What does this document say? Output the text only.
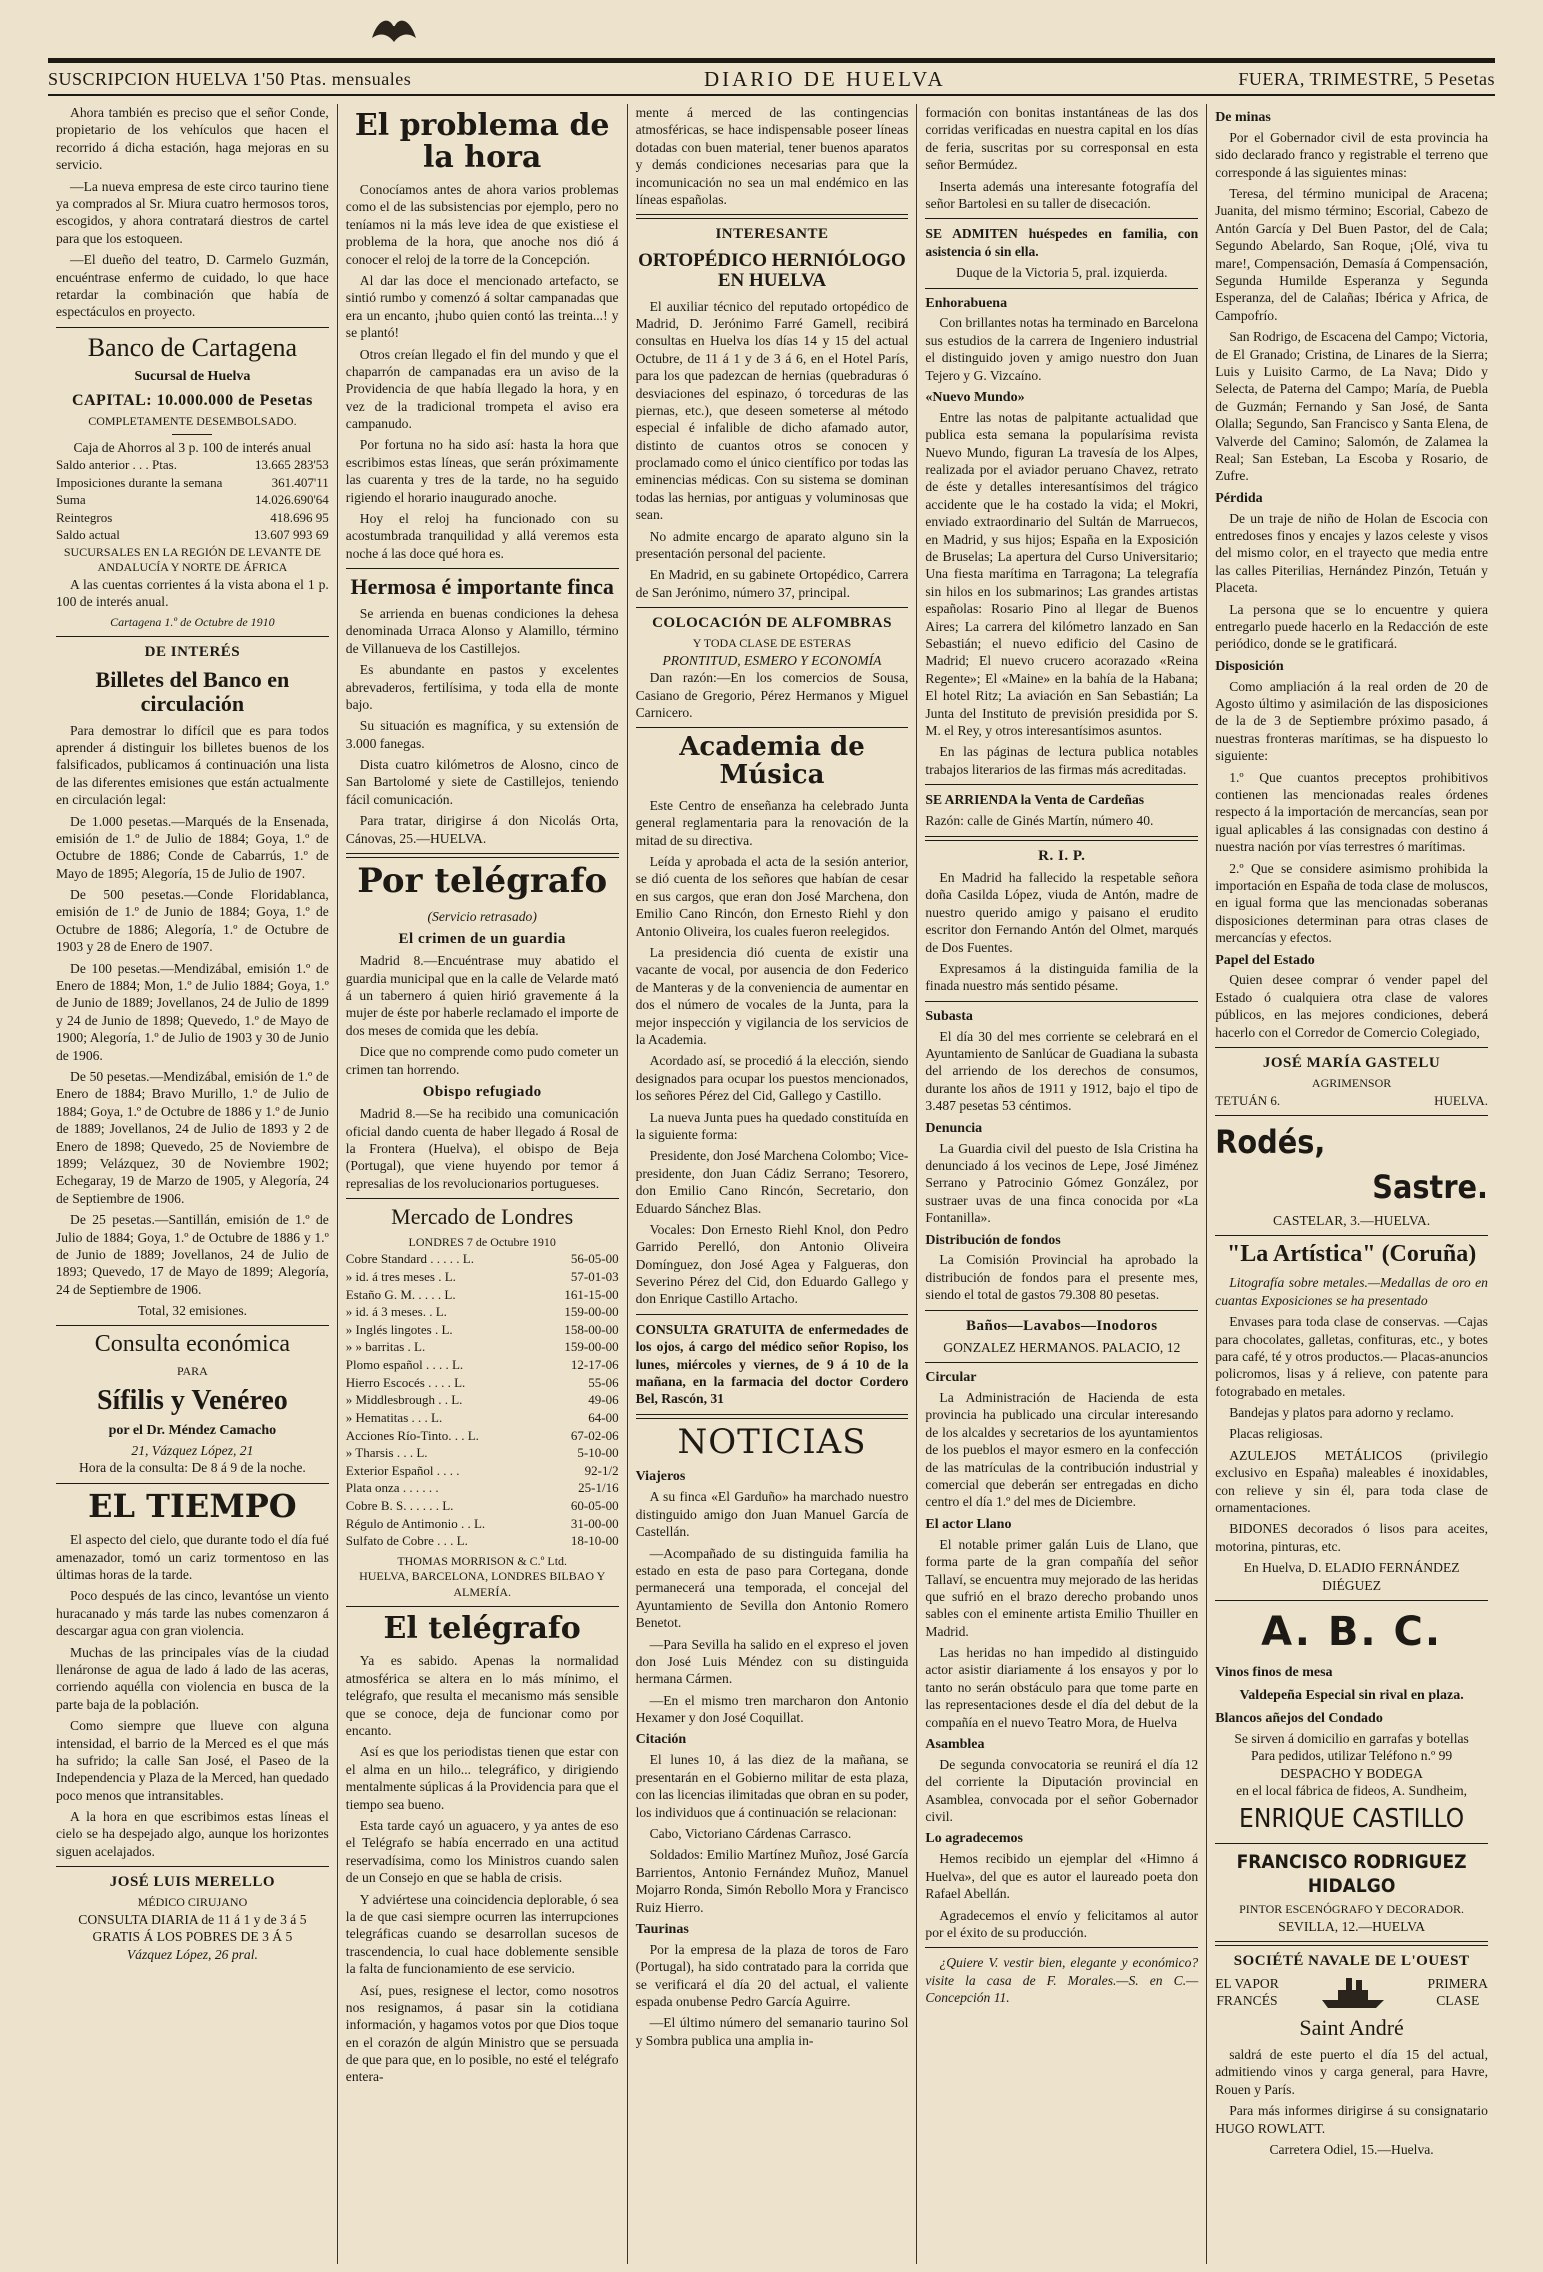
SUSCRIPCION HUELVA 1'50 Ptas. mensuales	DIARIO DE HUELVA	FUERA, TRIMESTRE, 5 Pesetas

Ahora también es preciso que el señor Conde, propietario de los vehículos que hacen el recorrido á dicha estación, haga mejoras en su servicio.

—La nueva empresa de este circo taurino tiene ya comprados al Sr. Miura cuatro hermosos toros, escogidos, y ahora contratará diestros de cartel para que los estoqueen.

—El dueño del teatro, D. Carmelo Guzmán, encuéntrase enfermo de cuidado, lo que hace retardar la combinación que había de espectáculos en proyecto.

Banco de Cartagena
Sucursal de Huelva
CAPITAL: 10.000.000 de Pesetas
COMPLETAMENTE DESEMBOLSADO.
Caja de Ahorros al 3 p. 100 de interés anual
Saldo anterior . . . Ptas.	13.665 283'53
Imposiciones durante la semana	361.407'11
Suma	14.026.690'64
Reintegros	418.696 95
Saldo actual	13.607 993 69
SUCURSALES EN LA REGIÓN DE LEVANTE DE ANDALUCÍA Y NORTE DE ÁFRICA

A las cuentas corrientes á la vista abona el 1 p. 100 de interés anual.

Cartagena 1.º de Octubre de 1910
DE INTERÉS
Billetes del Banco en circulación

Para demostrar lo difícil que es para todos aprender á distinguir los billetes buenos de los falsificados, publicamos á continuación una lista de las diferentes emisiones que están actualmente en circulación legal:

De 1.000 pesetas.—Marqués de la Ensenada, emisión de 1.º de Julio de 1884; Goya, 1.º de Octubre de 1886; Conde de Cabarrús, 1.º de Mayo de 1895; Alegoría, 15 de Julio de 1907.

De 500 pesetas.—Conde Floridablanca, emisión de 1.º de Junio de 1884; Goya, 1.º de Octubre de 1886; Alegoría, 1.º de Octubre de 1903 y 28 de Enero de 1907.

De 100 pesetas.—Mendizábal, emisión 1.º de Enero de 1884; Mon, 1.º de Julio 1884; Goya, 1.º de Junio de 1889; Jovellanos, 24 de Julio de 1899 y 24 de Junio de 1898; Quevedo, 1.º de Mayo de 1900; Alegoría, 1.º de Julio de 1903 y 30 de Junio de 1906.

De 50 pesetas.—Mendizábal, emisión de 1.º de Enero de 1884; Bravo Murillo, 1.º de Julio de 1884; Goya, 1.º de Octubre de 1886 y 1.º de Junio de 1889; Jovellanos, 24 de Julio de 1893 y 2 de Enero de 1898; Quevedo, 25 de Noviembre de 1899; Velázquez, 30 de Noviembre 1902; Echegaray, 19 de Marzo de 1905, y Alegoría, 24 de Septiembre de 1906.

De 25 pesetas.—Santillán, emisión de 1.º de Julio de 1884; Goya, 1.º de Octubre de 1886 y 1.º de Junio de 1889; Jovellanos, 24 de Julio de 1893; Quevedo, 17 de Mayo de 1899; Alegoría, 24 de Septiembre de 1906.

Total, 32 emisiones.
Consulta económica
PARA
Sífilis y Venéreo
por el Dr. Méndez Camacho
21, Vázquez López, 21
Hora de la consulta: De 8 á 9 de la noche.
EL TIEMPO

El aspecto del cielo, que durante todo el día fué amenazador, tomó un cariz tormentoso en las últimas horas de la tarde.

Poco después de las cinco, levantóse un viento huracanado y más tarde las nubes comenzaron á descargar agua con gran violencia.

Muchas de las principales vías de la ciudad llenáronse de agua de lado á lado de las aceras, corriendo aquélla con violencia en busca de la parte baja de la población.

Como siempre que llueve con alguna intensidad, el barrio de la Merced es el que más ha sufrido; la calle San José, el Paseo de la Independencia y Plaza de la Merced, han quedado poco menos que intransitables.

A la hora en que escribimos estas líneas el cielo se ha despejado algo, aunque los horizontes siguen acelajados.

JOSÉ LUIS MERELLO
MÉDICO CIRUJANO
CONSULTA DIARIA de 11 á 1 y de 3 á 5
GRATIS Á LOS POBRES DE 3 Á 5
Vázquez López, 26 pral.
El problema de la hora

Conocíamos antes de ahora varios problemas como el de las subsistencias por ejemplo, pero no teníamos ni la más leve idea de que existiese el problema de la hora, que anoche nos dió á conocer el reloj de la torre de la Concepción.

Al dar las doce el mencionado artefacto, se sintió rumbo y comenzó á soltar campanadas que era un encanto, ¡hubo quien contó las treinta...! y se plantó!

Otros creían llegado el fin del mundo y que el chaparrón de campanadas era un aviso de la Providencia de que había llegado la hora, y en vez de la tradicional trompeta el aviso era campanudo.

Por fortuna no ha sido así: hasta la hora que escribimos estas líneas, que serán próximamente las cuarenta y tres de la tarde, no ha seguido rigiendo el horario inaugurado anoche.

Hoy el reloj ha funcionado con su acostumbrada tranquilidad y allá veremos esta noche á las doce qué hora es.

Hermosa é importante finca

Se arrienda en buenas condiciones la dehesa denominada Urraca Alonso y Alamillo, término de Villanueva de los Castillejos.

Es abundante en pastos y excelentes abrevaderos, fertilísima, y toda ella de monte bajo.

Su situación es magnífica, y su extensión de 3.000 fanegas.

Dista cuatro kilómetros de Alosno, cinco de San Bartolomé y siete de Castillejos, teniendo fácil comunicación.

Para tratar, dirigirse á don Nicolás Orta, Cánovas, 25.—HUELVA.

Por telégrafo
(Servicio retrasado)
El crimen de un guardia

Madrid 8.—Encuéntrase muy abatido el guardia municipal que en la calle de Velarde mató á un tabernero á quien hirió gravemente á la mujer de éste por haberle reclamado el importe de dos meses de comida que les debía.

Dice que no comprende como pudo cometer un crimen tan horrendo.

Obispo refugiado

Madrid 8.—Se ha recibido una comunicación oficial dando cuenta de haber llegado á Rosal de la Frontera (Huelva), el obispo de Beja (Portugal), que viene huyendo por temor á represalias de los revolucionarios portugueses.

Mercado de Londres
LONDRES 7 de Octubre 1910
Cobre Standard . . . . . L.	56-05-00
» id. á tres meses . L.	57-01-03
Estaño G. M. . . . . L.	161-15-00
» id. á 3 meses. . L.	159-00-00
» Inglés lingotes . L.	158-00-00
» » barritas . L.	159-00-00
Plomo español . . . . L.	12-17-06
Hierro Escocés . . . . L.	55-06
» Middlesbrough . . L.	49-06
» Hematitas . . . L.	64-00
Acciones Río-Tinto. . . L.	67-02-06
» Tharsis . . . L.	5-10-00
Exterior Español . . . .	92-1/2
Plata onza . . . . . .	25-1/16
Cobre B. S. . . . . . L.	60-05-00
Régulo de Antimonio . . L.	31-00-00
Sulfato de Cobre . . . L.	18-10-00
THOMAS MORRISON & C.º Ltd.
HUELVA, BARCELONA, LONDRES BILBAO Y ALMERÍA.
El telégrafo

Ya es sabido. Apenas la normalidad atmosférica se altera en lo más mínimo, el telégrafo, que resulta el mecanismo más sensible que se conoce, deja de funcionar como por encanto.

Así es que los periodistas tienen que estar con el alma en un hilo... telegráfico, y dirigiendo mentalmente súplicas á la Providencia para que el tiempo sea bueno.

Esta tarde cayó un aguacero, y ya antes de eso el Telégrafo se había encerrado en una actitud reservadísima, como los Ministros cuando salen de un Consejo en que se habla de crisis.

Y adviértese una coincidencia deplorable, ó sea la de que casi siempre ocurren las interrupciones telegráficas cuando se desarrollan sucesos de trascendencia, lo cual hace doblemente sensible la falta de funcionamiento de ese servicio.

Así, pues, resignese el lector, como nosotros nos resignamos, á pasar sin la cotidiana información, y hagamos votos por que Dios toque en el corazón de algún Ministro que se persuada de que para que, en lo posible, no esté el telégrafo entera-

mente á merced de las contingencias atmosféricas, se hace indispensable poseer líneas dotadas con buen material, tener buenos aparatos y demás condiciones necesarias para que la incomunicación no sea un mal endémico en las líneas españolas.

INTERESANTE
ORTOPÉDICO HERNIÓLOGO EN HUELVA

El auxiliar técnico del reputado ortopédico de Madrid, D. Jerónimo Farré Gamell, recibirá consultas en Huelva los días 14 y 15 del actual Octubre, de 11 á 1 y de 3 á 6, en el Hotel París, para los que padezcan de hernias (quebraduras ó desviaciones del espinazo, ó torceduras de las piernas, etc.), que deseen someterse al método especial é infalible de dicho afamado autor, distinto de cuantos otros se conocen y proclamado como el único científico por todas las eminencias médicas. Con su sistema se dominan todas las hernias, por antiguas y voluminosas que sean.

No admite encargo de aparato alguno sin la presentación personal del paciente.

En Madrid, en su gabinete Ortopédico, Carrera de San Jerónimo, número 37, principal.

COLOCACIÓN DE ALFOMBRAS
Y TODA CLASE DE ESTERAS
PRONTITUD, ESMERO Y ECONOMÍA

Dan razón:—En los comercios de Sousa, Casiano de Gregorio, Pérez Hermanos y Miguel Carnicero.

Academia de Música

Este Centro de enseñanza ha celebrado Junta general reglamentaria para la renovación de la mitad de su directiva.

Leída y aprobada el acta de la sesión anterior, se dió cuenta de los señores que habían de cesar en sus cargos, que eran don José Marchena, don Emilio Cano Rincón, don Ernesto Riehl y don Antonio Oliveira, los cuales fueron reelegidos.

La presidencia dió cuenta de existir una vacante de vocal, por ausencia de don Federico de Manteras y de la conveniencia de aumentar en dos el número de vocales de la Junta, para la mejor inspección y vigilancia de los servicios de la Academia.

Acordado así, se procedió á la elección, siendo designados para ocupar los puestos mencionados, los señores Pérez del Cid, Gallego y Castillo.

La nueva Junta pues ha quedado constituída en la siguiente forma:

Presidente, don José Marchena Colombo; Vice-presidente, don Juan Cádiz Serrano; Tesorero, don Emilio Cano Rincón, Secretario, don Eduardo Sánchez Blas.

Vocales: Don Ernesto Riehl Knol, don Pedro Garrido Perelló, don Antonio Oliveira Domínguez, don José Agea y Falgueras, don Severino Pérez del Cid, don Eduardo Gallego y don Enrique Castillo Artacho.

CONSULTA GRATUITA de enfermedades de los ojos, á cargo del médico señor Ropiso, los lunes, miércoles y viernes, de 9 á 10 de la mañana, en la farmacia del doctor Cordero Bel, Rascón, 31

NOTICIAS
Viajeros

A su finca «El Garduño» ha marchado nuestro distinguido amigo don Juan Manuel García de Castellán.

—Acompañado de su distinguida familia ha estado en esta de paso para Cortegana, donde permanecerá una temporada, el concejal del Ayuntamiento de Sevilla don Antonio Romero Benetot.

—Para Sevilla ha salido en el expreso el joven don José Luis Méndez con su distinguida hermana Cármen.

—En el mismo tren marcharon don Antonio Hexamer y don José Coquillat.

Citación

El lunes 10, á las diez de la mañana, se presentarán en el Gobierno militar de esta plaza, con las licencias ilimitadas que obran en su poder, los individuos que á continuación se relacionan:

Cabo, Victoriano Cárdenas Carrasco.

Soldados: Emilio Martínez Muñoz, José García Barrientos, Antonio Fernández Muñoz, Manuel Mojarro Ronda, Simón Rebollo Mora y Francisco Ruiz Hierro.

Taurinas

Por la empresa de la plaza de toros de Faro (Portugal), ha sido contratado para la corrida que se verificará el día 20 del actual, el valiente espada onubense Pedro García Aguirre.

—El último número del semanario taurino Sol y Sombra publica una amplia in-

formación con bonitas instantáneas de las dos corridas verificadas en nuestra capital en los días de feria, suscritas por su corresponsal en esta señor Bermúdez.

Inserta además una interesante fotografía del señor Bartolesi en su taller de disecación.

SE ADMITEN huéspedes en familia, con asistencia ó sin ella.

Duque de la Victoria 5, pral. izquierda.
Enhorabuena

Con brillantes notas ha terminado en Barcelona sus estudios de la carrera de Ingeniero industrial el distinguido joven y amigo nuestro don Juan Tejero y G. Vizcaíno.

«Nuevo Mundo»

Entre las notas de palpitante actualidad que publica esta semana la popularísima revista Nuevo Mundo, figuran La travesía de los Alpes, realizada por el aviador peruano Chavez, retrato de éste y detalles interesantísimos del trágico accidente que le ha costado la vida; el Mokri, enviado extraordinario del Sultán de Marruecos, en Madrid, y sus hijos; España en la Exposición de Bruselas; La apertura del Curso Universitario; Una fiesta marítima en Tarragona; La telegrafía sin hilos en los submarinos; Las grandes artistas españolas: Rosario Pino al llegar de Buenos Aires; La carrera del kilómetro lanzado en San Sebastián; el nuevo edificio del Casino de Madrid; El nuevo crucero acorazado «Reina Regente»; El «Maine» en la bahía de la Habana; El hotel Ritz; La aviación en San Sebastián; La Junta del Instituto de previsión presidida por S. M. el Rey, y otros interesantísimos asuntos.

En las páginas de lectura publica notables trabajos literarios de las firmas más acreditadas.

SE ARRIENDA la Venta de Cardeñas

Razón: calle de Ginés Martín, número 40.

R. I. P.

En Madrid ha fallecido la respetable señora doña Casilda López, viuda de Antón, madre de nuestro querido amigo y paisano el erudito escritor don Fernando Antón del Olmet, marqués de Dos Fuentes.

Expresamos á la distinguida familia de la finada nuestro más sentido pésame.

Subasta

El día 30 del mes corriente se celebrará en el Ayuntamiento de Sanlúcar de Guadiana la subasta del arriendo de los derechos de consumos, durante los años de 1911 y 1912, bajo el tipo de 3.487 pesetas 53 céntimos.

Denuncia

La Guardia civil del puesto de Isla Cristina ha denunciado á los vecinos de Lepe, José Jiménez Serrano y Patrocinio Gómez González, por sustraer uvas de una finca conocida por «La Fontanilla».

Distribución de fondos

La Comisión Provincial ha aprobado la distribución de fondos para el presente mes, siendo el total de gastos 79.308 80 pesetas.

Baños—Lavabos—Inodoros
GONZALEZ HERMANOS. PALACIO, 12
Circular

La Administración de Hacienda de esta provincia ha publicado una circular interesando de los alcaldes y secretarios de los ayuntamientos de los pueblos el mayor esmero en la confección de las matrículas de la contribución industrial y comercial que deberán ser entregadas en dicho centro el día 1.º del mes de Diciembre.

El actor Llano

El notable primer galán Luis de Llano, que forma parte de la gran compañía del señor Tallaví, se encuentra muy mejorado de las heridas que sufrió en el brazo derecho probando unos sables con el eminente artista Emilio Thuiller en Madrid.

Las heridas no han impedido al distinguido actor asistir diariamente á los ensayos y por lo tanto no serán obstáculo para que tome parte en las representaciones desde el día del debut de la compañía en el nuevo Teatro Mora, de Huelva

Asamblea

De segunda convocatoria se reunirá el día 12 del corriente la Diputación provincial en Asamblea, convocada por el señor Gobernador civil.

Lo agradecemos

Hemos recibido un ejemplar del «Himno á Huelva», del que es autor el laureado poeta don Rafael Abellán.

Agradecemos el envío y felicitamos al autor por el éxito de su producción.

¿Quiere V. vestir bien, elegante y económico? visite la casa de F. Morales.—S. en C.—Concepción 11.

De minas

Por el Gobernador civil de esta provincia ha sido declarado franco y registrable el terreno que corresponde á las siguientes minas:

Teresa, del término municipal de Aracena; Juanita, del mismo término; Escorial, Cabezo de Antón García y Del Buen Pastor, del de Cala; Segundo Abelardo, San Roque, ¡Olé, viva tu mare!, Compensación, Demasía á Compensación, Segunda Humilde Esperanza y Segunda Esperanza, del de Calañas; Ibérica y Africa, de Campofrío.

San Rodrigo, de Escacena del Campo; Victoria, de El Granado; Cristina, de Linares de la Sierra; Luis y Luisito Carmo, de La Nava; Dido y Selecta, de Paterna del Campo; María, de Puebla de Guzmán; Fernando y San José, de Santa Olalla; Segundo, San Francisco y Santa Elena, de Valverde del Camino; Salomón, de Zalamea la Real; San Esteban, La Escoba y Rosario, de Zufre.

Pérdida

De un traje de niño de Holan de Escocia con entredoses finos y encajes y lazos celeste y visos del mismo color, en el trayecto que media entre las calles Piterilias, Hernández Pinzón, Tetuán y Placeta.

La persona que se lo encuentre y quiera entregarlo puede hacerlo en la Redacción de este periódico, donde se le gratificará.

Disposición

Como ampliación á la real orden de 20 de Agosto último y asimilación de las disposiciones de la de 3 de Septiembre próximo pasado, á nuestras fronteras marítimas, se ha dispuesto lo siguiente:

1.º Que cuantos preceptos prohibitivos contienen las mencionadas reales órdenes respecto á la importación de mercancías, sean por igual aplicables á las consignadas con destino á nuestra nación por vías terrestres ó marítimas.

2.º Que se considere asimismo prohibida la importación en España de toda clase de moluscos, en igual forma que las mencionadas soberanas disposiciones determinan para otras clases de mercancías y efectos.

Papel del Estado

Quien desee comprar ó vender papel del Estado ó cualquiera otra clase de valores públicos, en las mejores condiciones, deberá hacerlo con el Corredor de Comercio Colegiado,

JOSÉ MARÍA GASTELU
AGRIMENSOR
TETUÁN 6.	HUELVA.
Rodés,
Sastre.
CASTELAR, 3.—HUELVA.
"La Artística" (Coruña)

Litografía sobre metales.—Medallas de oro en cuantas Exposiciones se ha presentado

Envases para toda clase de conservas. —Cajas para chocolates, galletas, confituras, etc., y botes para café, té y otros productos.— Placas-anuncios policromos, lisas y á relieve, con patente para fotograbado en metales.

Bandejas y platos para adorno y reclamo.

Placas religiosas.

AZULEJOS METÁLICOS (privilegio exclusivo en España) maleables é inoxidables, con relieve y sin él, para toda clase de ornamentaciones.

BIDONES decorados ó lisos para aceites, motorina, pinturas, etc.

En Huelva, D. ELADIO FERNÁNDEZ DIÉGUEZ
A. B. C.
Vinos finos de mesa
Valdepeña Especial sin rival en plaza.
Blancos añejos del Condado
Se sirven á domicilio en garrafas y botellas
Para pedidos, utilizar Teléfono n.º 99
DESPACHO Y BODEGA
en el local fábrica de fideos, A. Sundheim,
ENRIQUE CASTILLO
FRANCISCO RODRIGUEZ HIDALGO
PINTOR ESCENÓGRAFO Y DECORADOR.
SEVILLA, 12.—HUELVA
SOCIÉTÉ NAVALE DE L'OUEST
EL VAPOR
FRANCÉS
PRIMERA
CLASE
Saint André

saldrá de este puerto el día 15 del actual, admitiendo vinos y carga general, para Havre, Rouen y París.

Para más informes dirigirse á su consignatario HUGO ROWLATT.

Carretera Odiel, 15.—Huelva.
